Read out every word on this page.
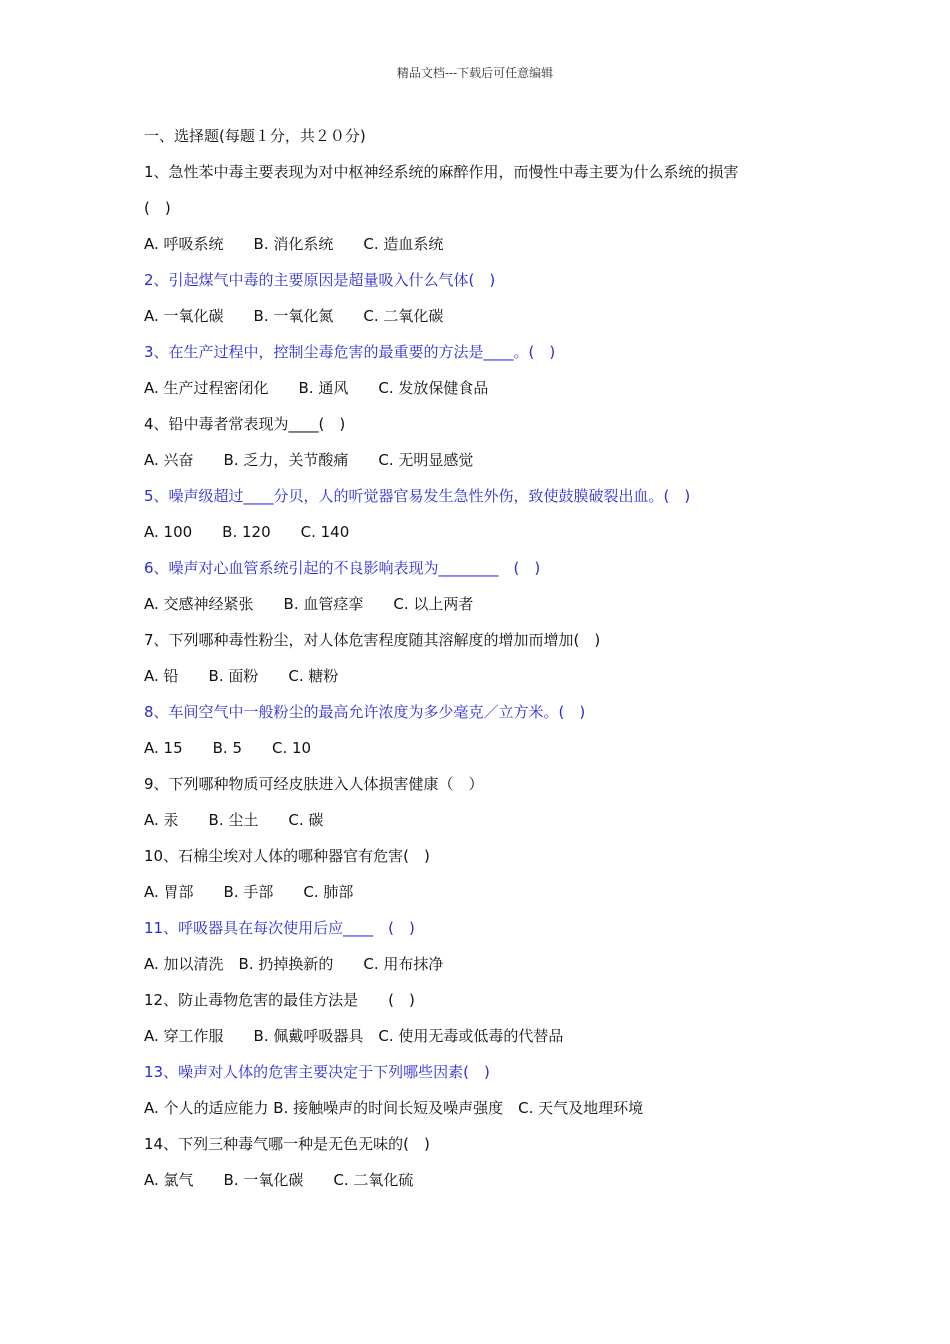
精品文档---下载后可任意编辑
一、选择题(每题１分，共２０分)
1、急性苯中毒主要表现为对中枢神经系统的麻醉作用，而慢性中毒主要为什么系统的损害
(　)
A. 呼吸系统　　B. 消化系统　　C. 造血系统
2、引起煤气中毒的主要原因是超量吸入什么气体(　)
A. 一氧化碳　　B. 一氧化氮　　C. 二氧化碳
3、在生产过程中，控制尘毒危害的最重要的方法是____。(　)
A. 生产过程密闭化　　B. 通风　　C. 发放保健食品
4、铅中毒者常表现为____(　)
A. 兴奋　　B. 乏力，关节酸痛　　C. 无明显感觉
5、噪声级超过____分贝，人的听觉器官易发生急性外伤，致使鼓膜破裂出血。(　)
A. 100　　B. 120　　C. 140
6、噪声对心血管系统引起的不良影响表现为________　(　)
A. 交感神经紧张　　B. 血管痉挛　　C. 以上两者
7、下列哪种毒性粉尘，对人体危害程度随其溶解度的增加而增加(　)
A. 铅　　B. 面粉　　C. 糖粉
8、车间空气中一般粉尘的最高允许浓度为多少毫克／立方米。(　)
A. 15　　B. 5　　C. 10
9、下列哪种物质可经皮肤进入人体损害健康（　）
A. 汞　　B. 尘土　　C. 碳
10、石棉尘埃对人体的哪种器官有危害(　)
A. 胃部　　B. 手部　　C. 肺部
11、呼吸器具在每次使用后应____　(　)
A. 加以清洗　B. 扔掉换新的　　C. 用布抹净
12、防止毒物危害的最佳方法是　　(　)
A. 穿工作服　　B. 佩戴呼吸器具　C. 使用无毒或低毒的代替品
13、噪声对人体的危害主要决定于下列哪些因素(　)
A. 个人的适应能力 B. 接触噪声的时间长短及噪声强度　C. 天气及地理环境
14、下列三种毒气哪一种是无色无味的(　)
A. 氯气　　B. 一氧化碳　　C. 二氧化硫
